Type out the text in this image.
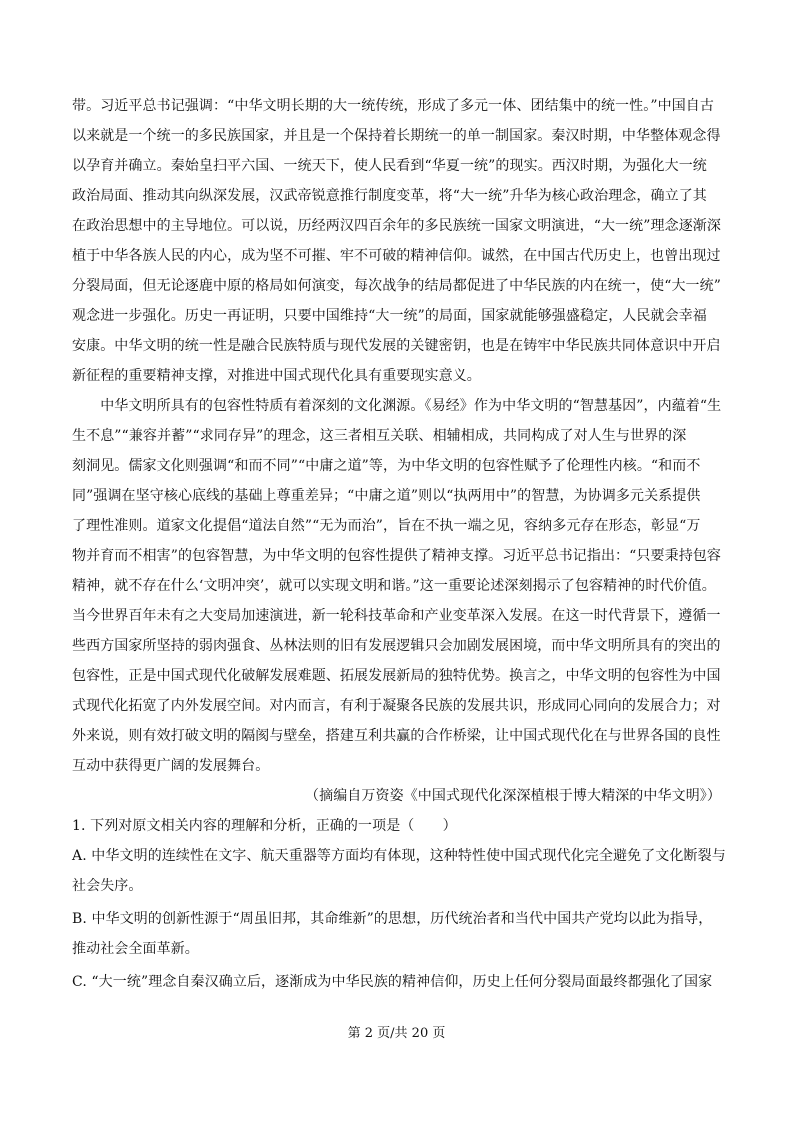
带。习近平总书记强调：“中华文明长期的大一统传统，形成了多元一体、团结集中的统一性。”中国自古
以来就是一个统一的多民族国家，并且是一个保持着长期统一的单一制国家。秦汉时期，中华整体观念得
以孕育并确立。秦始皇扫平六国、一统天下，使人民看到“华夏一统”的现实。西汉时期，为强化大一统
政治局面、推动其向纵深发展，汉武帝锐意推行制度变革，将“大一统”升华为核心政治理念，确立了其
在政治思想中的主导地位。可以说，历经两汉四百余年的多民族统一国家文明演进，“大一统”理念逐渐深
植于中华各族人民的内心，成为坚不可摧、牢不可破的精神信仰。诚然，在中国古代历史上，也曾出现过
分裂局面，但无论逐鹿中原的格局如何演变，每次战争的结局都促进了中华民族的内在统一，使“大一统”
观念进一步强化。历史一再证明，只要中国维持“大一统”的局面，国家就能够强盛稳定，人民就会幸福
安康。中华文明的统一性是融合民族特质与现代发展的关键密钥，也是在铸牢中华民族共同体意识中开启
新征程的重要精神支撑，对推进中国式现代化具有重要现实意义。
　　中华文明所具有的包容性特质有着深刻的文化渊源。《易经》作为中华文明的“智慧基因”，内蕴着“生
生不息”“兼容并蓄”“求同存异”的理念，这三者相互关联、相辅相成，共同构成了对人生与世界的深
刻洞见。儒家文化则强调“和而不同”“中庸之道”等，为中华文明的包容性赋予了伦理性内核。“和而不
同”强调在坚守核心底线的基础上尊重差异；“中庸之道”则以“执两用中”的智慧，为协调多元关系提供
了理性准则。道家文化提倡“道法自然”“无为而治”，旨在不执一端之见，容纳多元存在形态，彰显“万
物并育而不相害”的包容智慧，为中华文明的包容性提供了精神支撑。习近平总书记指出：“只要秉持包容
精神，就不存在什么‘文明冲突’，就可以实现文明和谐。”这一重要论述深刻揭示了包容精神的时代价值。
当今世界百年未有之大变局加速演进，新一轮科技革命和产业变革深入发展。在这一时代背景下，遵循一
些西方国家所坚持的弱肉强食、丛林法则的旧有发展逻辑只会加剧发展困境，而中华文明所具有的突出的
包容性，正是中国式现代化破解发展难题、拓展发展新局的独特优势。换言之，中华文明的包容性为中国
式现代化拓宽了内外发展空间。对内而言，有利于凝聚各民族的发展共识，形成同心同向的发展合力；对
外来说，则有效打破文明的隔阂与壁垒，搭建互利共赢的合作桥梁，让中国式现代化在与世界各国的良性
互动中获得更广阔的发展舞台。
（摘编自万资姿《中国式现代化深深植根于博大精深的中华文明》）
1. 下列对原文相关内容的理解和分析，正确的一项是（　　）
A. 中华文明的连续性在文字、航天重器等方面均有体现，这种特性使中国式现代化完全避免了文化断裂与
社会失序。
B. 中华文明的创新性源于“周虽旧邦，其命维新”的思想，历代统治者和当代中国共产党均以此为指导，
推动社会全面革新。
C. “大一统”理念自秦汉确立后，逐渐成为中华民族的精神信仰，历史上任何分裂局面最终都强化了国家
第 2 页/共 20 页
